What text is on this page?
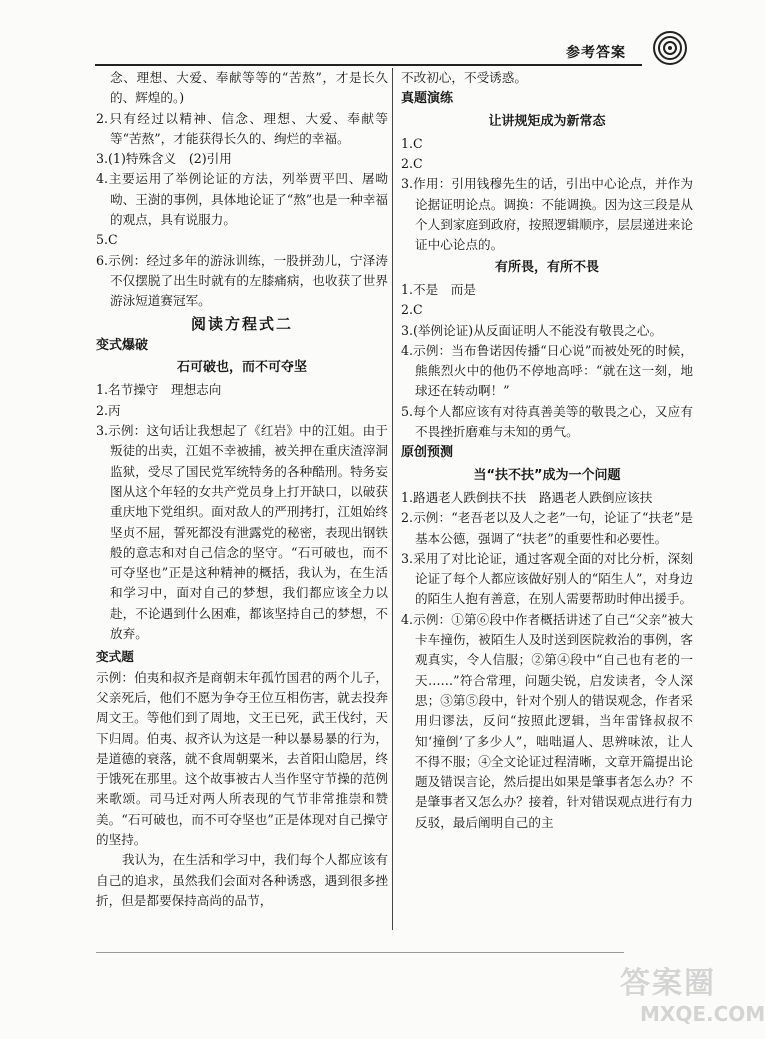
参考答案

念、理想、大爱、奉献等等的“苦熬”，才是长久的、辉煌的。)

2.只有经过以精神、信念、理想、大爱、奉献等等“苦熬”，才能获得长久的、绚烂的幸福。

3.(1)特殊含义　(2)引用

4.主要运用了举例论证的方法，列举贾平凹、屠呦呦、王澍的事例，具体地论证了“熬”也是一种幸福的观点，具有说服力。

5.C

6.示例：经过多年的游泳训练，一股拼劲儿，宁泽涛不仅摆脱了出生时就有的左膝痛病，也收获了世界游泳短道赛冠军。

阅读方程式二

变式爆破

石可破也，而不可夺坚

1.名节操守　理想志向

2.丙

3.示例：这句话让我想起了《红岩》中的江姐。由于叛徒的出卖，江姐不幸被捕，被关押在重庆渣滓洞监狱，受尽了国民党军统特务的各种酷刑。特务妄图从这个年轻的女共产党员身上打开缺口，以破获重庆地下党组织。面对敌人的严刑拷打，江姐始终坚贞不屈，誓死都没有泄露党的秘密，表现出钢铁般的意志和对自己信念的坚守。“石可破也，而不可夺坚也”正是这种精神的概括，我认为，在生活和学习中，面对自己的梦想，我们都应该全力以赴，不论遇到什么困难，都该坚持自己的梦想，不放弃。

变式题

示例：伯夷和叔齐是商朝末年孤竹国君的两个儿子，父亲死后，他们不愿为争夺王位互相伤害，就去投奔周文王。等他们到了周地，文王已死，武王伐纣，天下归周。伯夷、叔齐认为这是一种以暴易暴的行为，是道德的衰落，就不食周朝粟米，去首阳山隐居，终于饿死在那里。这个故事被古人当作坚守节操的范例来歌颂。司马迁对两人所表现的气节非常推崇和赞美。“石可破也，而不可夺坚也”正是体现对自己操守的坚持。

我认为，在生活和学习中，我们每个人都应该有自己的追求，虽然我们会面对各种诱惑，遇到很多挫折，但是都要保持高尚的品节，

不改初心，不受诱惑。

真题演练

让讲规矩成为新常态

1.C

2.C

3.作用：引用钱穆先生的话，引出中心论点，并作为论据证明论点。调换：不能调换。因为这三段是从个人到家庭到政府，按照逻辑顺序，层层递进来论证中心论点的。

有所畏，有所不畏

1.不是　而是

2.C

3.(举例论证)从反面证明人不能没有敬畏之心。

4.示例：当布鲁诺因传播“日心说”而被处死的时候，熊熊烈火中的他仍不停地高呼：“就在这一刻，地球还在转动啊！”

5.每个人都应该有对待真善美等的敬畏之心，又应有不畏挫折磨难与未知的勇气。

原创预测

当“扶不扶”成为一个问题

1.路遇老人跌倒扶不扶　路遇老人跌倒应该扶

2.示例：“老吾老以及人之老”一句，论证了“扶老”是基本公德，强调了“扶老”的重要性和必要性。

3.采用了对比论证，通过客观全面的对比分析，深刻论证了每个人都应该做好别人的“陌生人”，对身边的陌生人抱有善意，在别人需要帮助时伸出援手。

4.示例：①第⑥段中作者概括讲述了自己“父亲”被大卡车撞伤，被陌生人及时送到医院救治的事例，客观真实，令人信服；②第④段中“自己也有老的一天……”符合常理，问题尖锐，启发读者，令人深思；③第⑤段中，针对个别人的错误观念，作者采用归谬法，反问“按照此逻辑，当年雷锋叔叔不知‘撞倒’了多少人”，咄咄逼人、思辨味浓，让人不得不服；④全文论证过程清晰，文章开篇提出论题及错误言论，然后提出如果是肇事者怎么办？不是肇事者又怎么办？接着，针对错误观点进行有力反驳，最后阐明自己的主

答案圈
MXQE.COM
